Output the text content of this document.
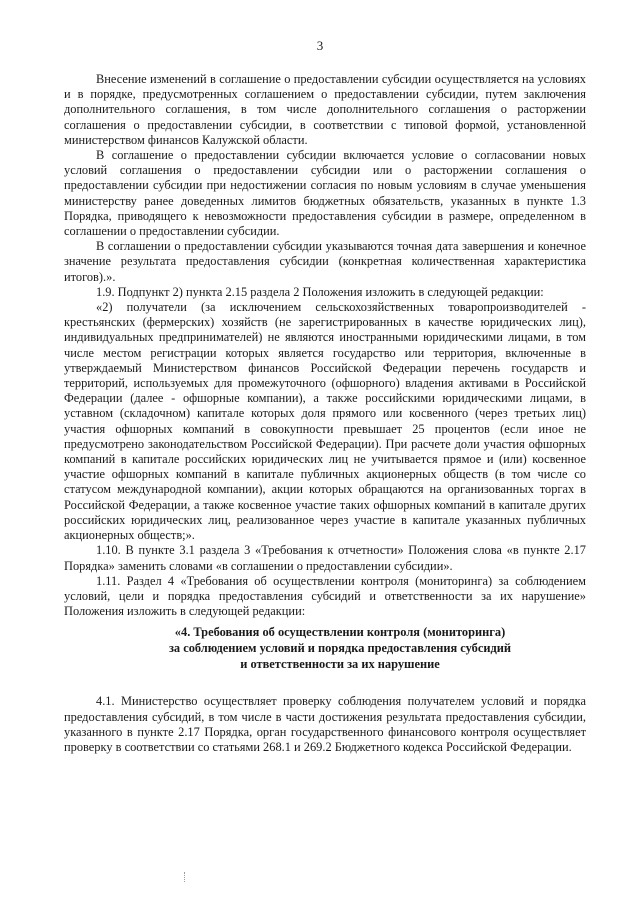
3

Внесение изменений в соглашение о предоставлении субсидии осуществляется на условиях и в порядке, предусмотренных соглашением о предоставлении субсидии, путем заключения дополнительного соглашения, в том числе дополнительного соглашения о расторжении соглашения о предоставлении субсидии, в соответствии с типовой формой, установленной министерством финансов Калужской области.

В соглашение о предоставлении субсидии включается условие о согласовании новых условий соглашения о предоставлении субсидии или о расторжении соглашения о предоставлении субсидии при недостижении согласия по новым условиям в случае уменьшения министерству ранее доведенных лимитов бюджетных обязательств, указанных в пункте 1.3 Порядка, приводящего к невозможности предоставления субсидии в размере, определенном в соглашении о предоставлении субсидии.

В соглашении о предоставлении субсидии указываются точная дата завершения и конечное значение результата предоставления субсидии (конкретная количественная характеристика итогов).».

1.9. Подпункт 2) пункта 2.15 раздела 2 Положения изложить в следующей редакции:

«2) получатели (за исключением сельскохозяйственных товаропроизводителей - крестьянских (фермерских) хозяйств (не зарегистрированных в качестве юридических лиц), индивидуальных предпринимателей) не являются иностранными юридическими лицами, в том числе местом регистрации которых является государство или территория, включенные в утверждаемый Министерством финансов Российской Федерации перечень государств и территорий, используемых для промежуточного (офшорного) владения активами в Российской Федерации (далее - офшорные компании), а также российскими юридическими лицами, в уставном (складочном) капитале которых доля прямого или косвенного (через третьих лиц) участия офшорных компаний в совокупности превышает 25 процентов (если иное не предусмотрено законодательством Российской Федерации). При расчете доли участия офшорных компаний в капитале российских юридических лиц не учитывается прямое и (или) косвенное участие офшорных компаний в капитале публичных акционерных обществ (в том числе со статусом международной компании), акции которых обращаются на организованных торгах в Российской Федерации, а также косвенное участие таких офшорных компаний в капитале других российских юридических лиц, реализованное через участие в капитале указанных публичных акционерных обществ;».

1.10. В пункте 3.1 раздела 3 «Требования к отчетности» Положения слова «в пункте 2.17 Порядка» заменить словами «в соглашении о предоставлении субсидии».

1.11. Раздел 4 «Требования об осуществлении контроля (мониторинга) за соблюдением условий, цели и порядка предоставления субсидий и ответственности за их нарушение» Положения изложить в следующей редакции:

«4. Требования об осуществлении контроля (мониторинга)
за соблюдением условий и порядка предоставления субсидий
и ответственности за их нарушение

4.1. Министерство осуществляет проверку соблюдения получателем условий и порядка предоставления субсидий, в том числе в части достижения результата предоставления субсидии, указанного в пункте 2.17 Порядка, орган государственного финансового контроля осуществляет проверку в соответствии со статьями 268.1 и 269.2 Бюджетного кодекса Российской Федерации.
